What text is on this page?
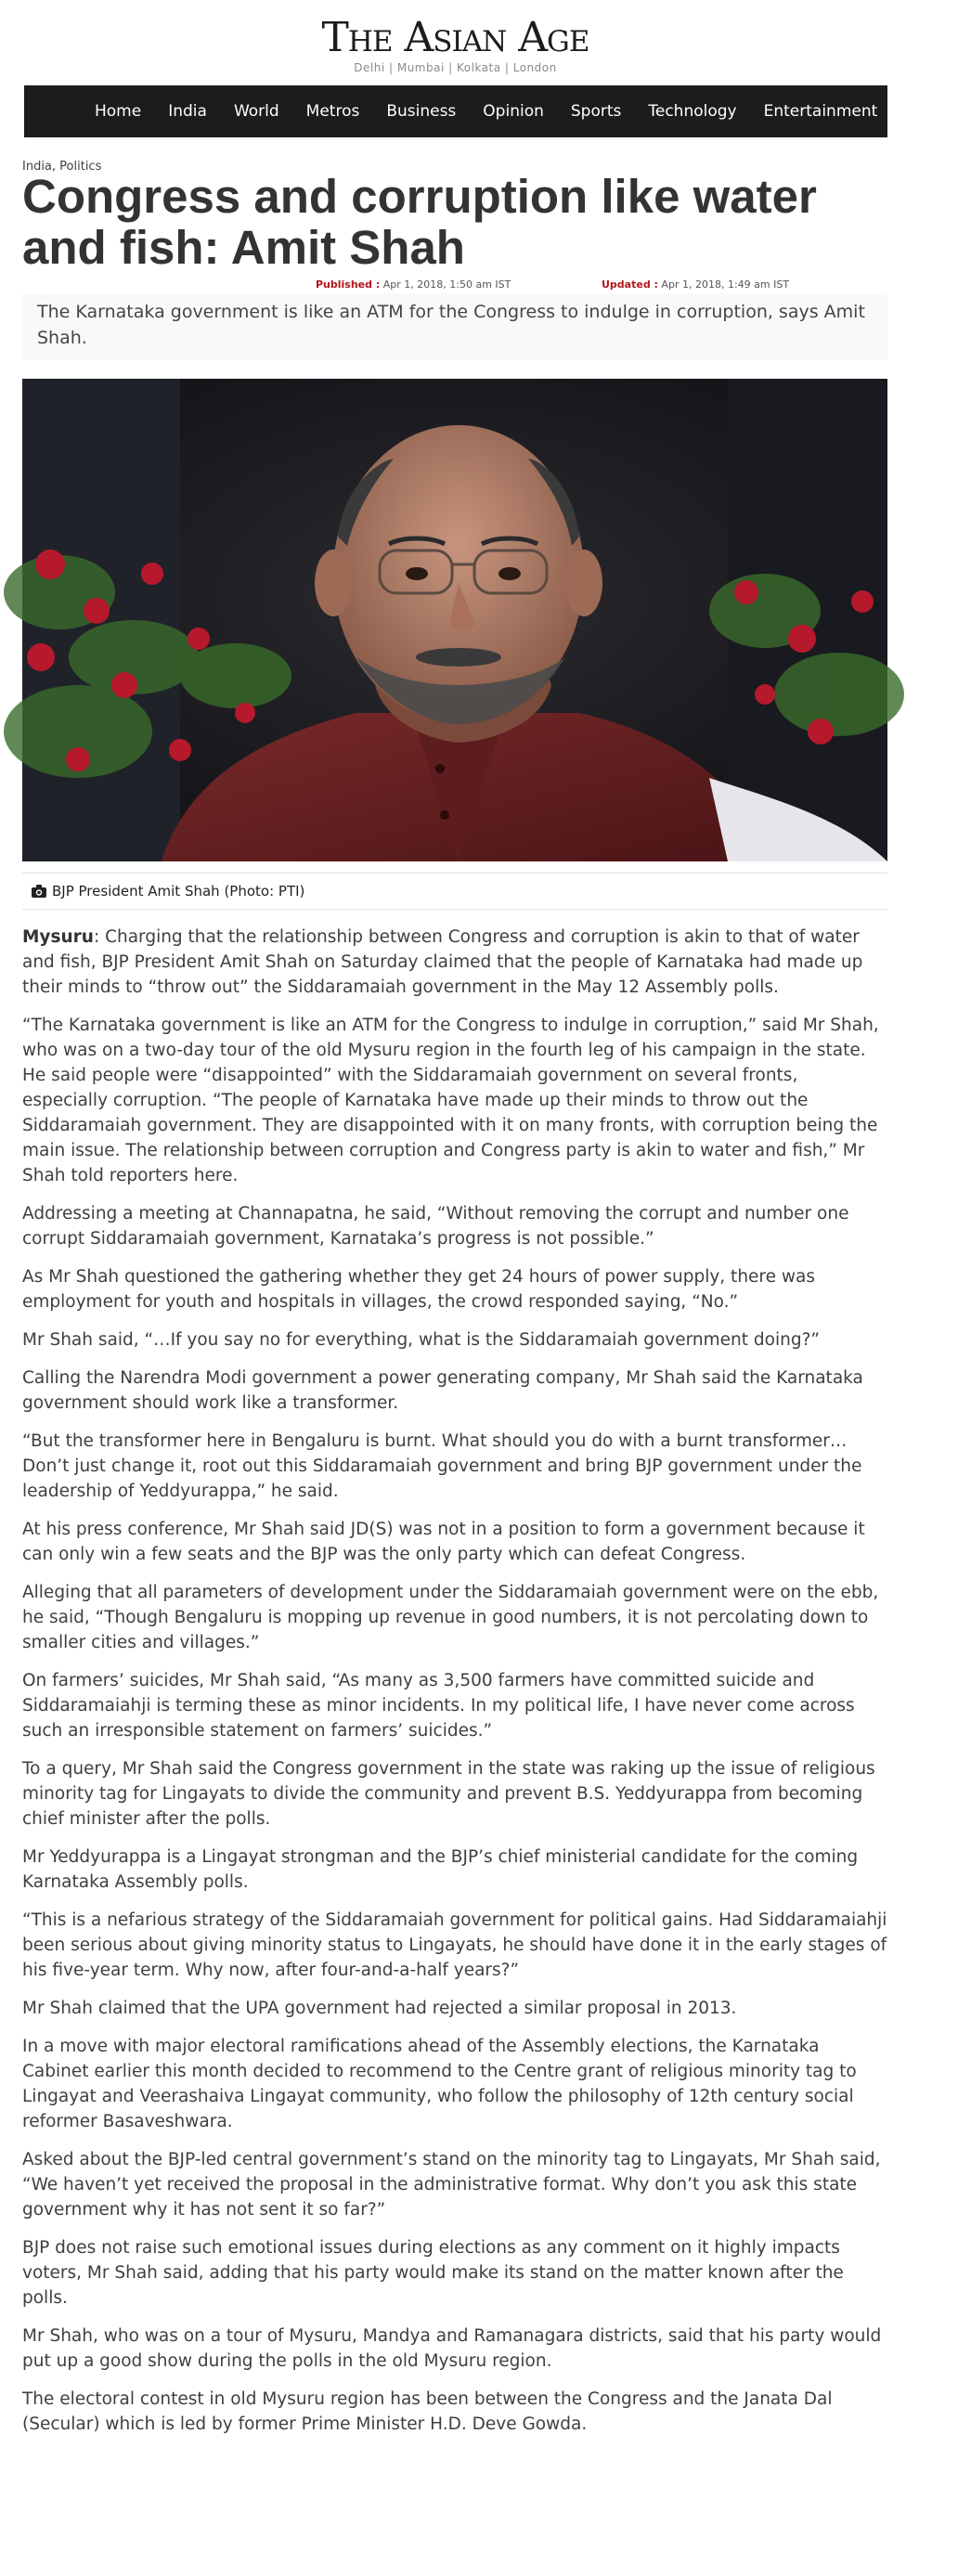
The Asian Age
Delhi | Mumbai | Kolkata | London
Home India World Metros Business Opinion Sports Technology Entertainment Photos
India, Politics
Congress and corruption like water and fish: Amit Shah
Published : Apr 1, 2018, 1:50 am IST	Updated : Apr 1, 2018, 1:49 am IST
The Karnataka government is like an ATM for the Congress to indulge in corruption, says Amit Shah.
BJP President Amit Shah (Photo: PTI)

Mysuru: Charging that the relationship between Congress and corruption is akin to that of water and fish, BJP President Amit Shah on Saturday claimed that the people of Karnataka had made up their minds to “throw out” the Siddaramaiah government in the May 12 Assembly polls.

“The Karnataka government is like an ATM for the Congress to indulge in corruption,” said Mr Shah, who was on a two-day tour of the old Mysuru region in the fourth leg of his campaign in the state. He said people were “disappointed” with the Siddaramaiah government on several fronts, especially corruption. “The people of Karnataka have made up their minds to throw out the Siddaramaiah government. They are disappointed with it on many fronts, with corruption being the main issue. The relationship between corruption and Congress party is akin to water and fish,” Mr Shah told reporters here.

Addressing a meeting at Channapatna, he said, “Without removing the corrupt and number one corrupt Siddaramaiah government, Karnataka’s progress is not possible.”

As Mr Shah questioned the gathering whether they get 24 hours of power supply, there was employment for youth and hospitals in villages, the crowd responded saying, “No.”

Mr Shah said, “…If you say no for everything, what is the Siddaramaiah government doing?”

Calling the Narendra Modi government a power generating company, Mr Shah said the Karnataka government should work like a transformer.

“But the transformer here in Bengaluru is burnt. What should you do with a burnt transformer… Don’t just change it, root out this Siddaramaiah government and bring BJP government under the leadership of Yeddyurappa,” he said.

At his press conference, Mr Shah said JD(S) was not in a position to form a government because it can only win a few seats and the BJP was the only party which can defeat Congress.

Alleging that all parameters of development under the Siddaramaiah government were on the ebb, he said, “Though Bengaluru is mopping up revenue in good numbers, it is not percolating down to smaller cities and villages.”

On farmers’ suicides, Mr Shah said, “As many as 3,500 farmers have committed suicide and Siddaramaiahji is terming these as minor incidents. In my political life, I have never come across such an irresponsible statement on farmers’ suicides.”

To a query, Mr Shah said the Congress government in the state was raking up the issue of religious minority tag for Lingayats to divide the community and prevent B.S. Yeddyurappa from becoming chief minister after the polls.

Mr Yeddyurappa is a Lingayat strongman and the BJP’s chief ministerial candidate for the coming Karnataka Assembly polls.

“This is a nefarious strategy of the Siddaramaiah government for political gains. Had Siddaramaiahji been serious about giving minority status to Lingayats, he should have done it in the early stages of his five-year term. Why now, after four-and-a-half years?”

Mr Shah claimed that the UPA government had rejected a similar proposal in 2013.

In a move with major electoral ramifications ahead of the Assembly elections, the Karnataka Cabinet earlier this month decided to recommend to the Centre grant of religious minority tag to Lingayat and Veerashaiva Lingayat community, who follow the philosophy of 12th century social reformer Basaveshwara.

Asked about the BJP-led central government’s stand on the minority tag to Lingayats, Mr Shah said, “We haven’t yet received the proposal in the administrative format. Why don’t you ask this state government why it has not sent it so far?”

BJP does not raise such emotional issues during elections as any comment on it highly impacts voters, Mr Shah said, adding that his party would make its stand on the matter known after the polls.

Mr Shah, who was on a tour of Mysuru, Mandya and Ramanagara districts, said that his party would put up a good show during the polls in the old Mysuru region.

The electoral contest in old Mysuru region has been between the Congress and the Janata Dal (Secular) which is led by former Prime Minister H.D. Deve Gowda.
